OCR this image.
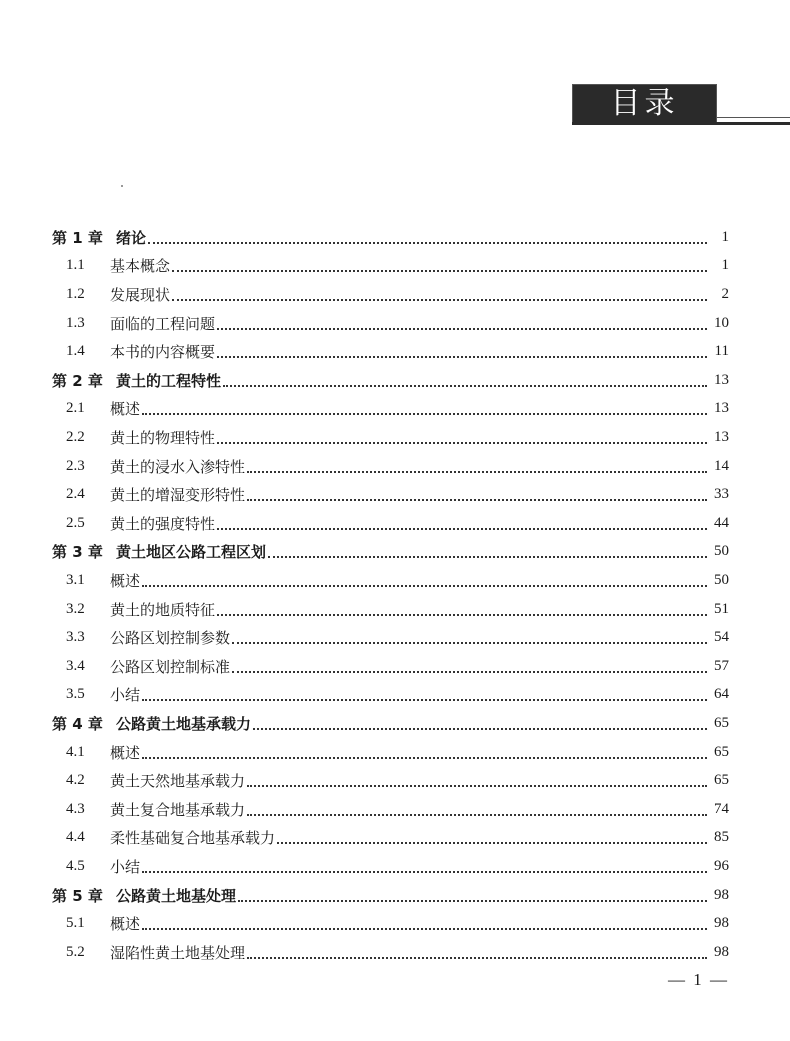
目录
第 1 章 绪论	1
1.1	基本概念	1
1.2	发展现状	2
1.3	面临的工程问题	10
1.4	本书的内容概要	11
第 2 章 黄土的工程特性	13
2.1	概述	13
2.2	黄土的物理特性	13
2.3	黄土的浸水入渗特性	14
2.4	黄土的增湿变形特性	33
2.5	黄土的强度特性	44
第 3 章 黄土地区公路工程区划	50
3.1	概述	50
3.2	黄土的地质特征	51
3.3	公路区划控制参数	54
3.4	公路区划控制标准	57
3.5	小结	64
第 4 章 公路黄土地基承载力	65
4.1	概述	65
4.2	黄土天然地基承载力	65
4.3	黄土复合地基承载力	74
4.4	柔性基础复合地基承载力	85
4.5	小结	96
第 5 章 公路黄土地基处理	98
5.1	概述	98
5.2	湿陷性黄土地基处理	98
— 1 —
